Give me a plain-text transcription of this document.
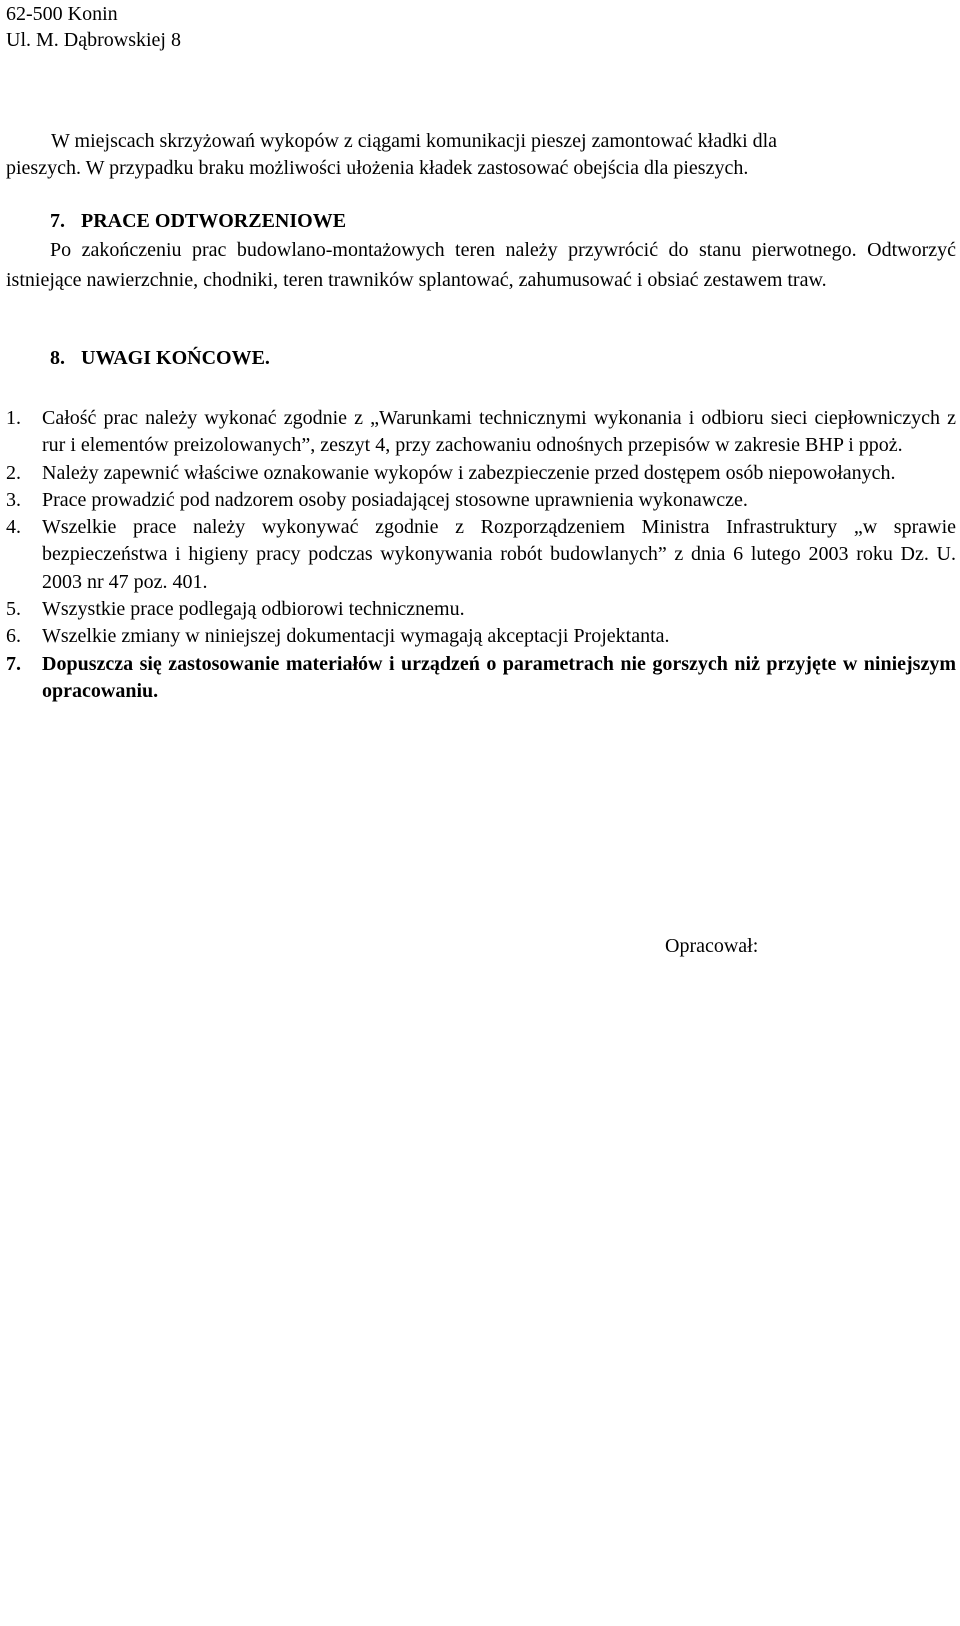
62-500 Konin
Ul. M. Dąbrowskiej 8
W miejscach skrzyżowań wykopów z ciągami komunikacji pieszej zamontować kładki dla
pieszych. W przypadku braku możliwości ułożenia kładek zastosować obejścia dla pieszych.
7. PRACE ODTWORZENIOWE
Po zakończeniu prac budowlano-montażowych teren należy przywrócić do stanu pierwotnego. Odtworzyć istniejące nawierzchnie, chodniki, teren trawników splantować, zahumusować i obsiać zestawem traw.
8. UWAGI KOŃCOWE.
1. Całość prac należy wykonać zgodnie z „Warunkami technicznymi wykonania i odbioru sieci ciepłowniczych z rur i elementów preizolowanych”, zeszyt 4, przy zachowaniu odnośnych przepisów w zakresie BHP i ppoż.
2. Należy zapewnić właściwe oznakowanie wykopów i zabezpieczenie przed dostępem osób niepowołanych.
3. Prace prowadzić pod nadzorem osoby posiadającej stosowne uprawnienia wykonawcze.
4. Wszelkie prace należy wykonywać zgodnie z Rozporządzeniem Ministra Infrastruktury „w sprawie bezpieczeństwa i higieny pracy podczas wykonywania robót budowlanych” z dnia 6 lutego 2003 roku Dz. U. 2003 nr 47 poz. 401.
5. Wszystkie prace podlegają odbiorowi technicznemu.
6. Wszelkie zmiany w niniejszej dokumentacji wymagają akceptacji Projektanta.
7. Dopuszcza się zastosowanie materiałów i urządzeń o parametrach nie gorszych niż przyjęte w niniejszym opracowaniu.
Opracował:
